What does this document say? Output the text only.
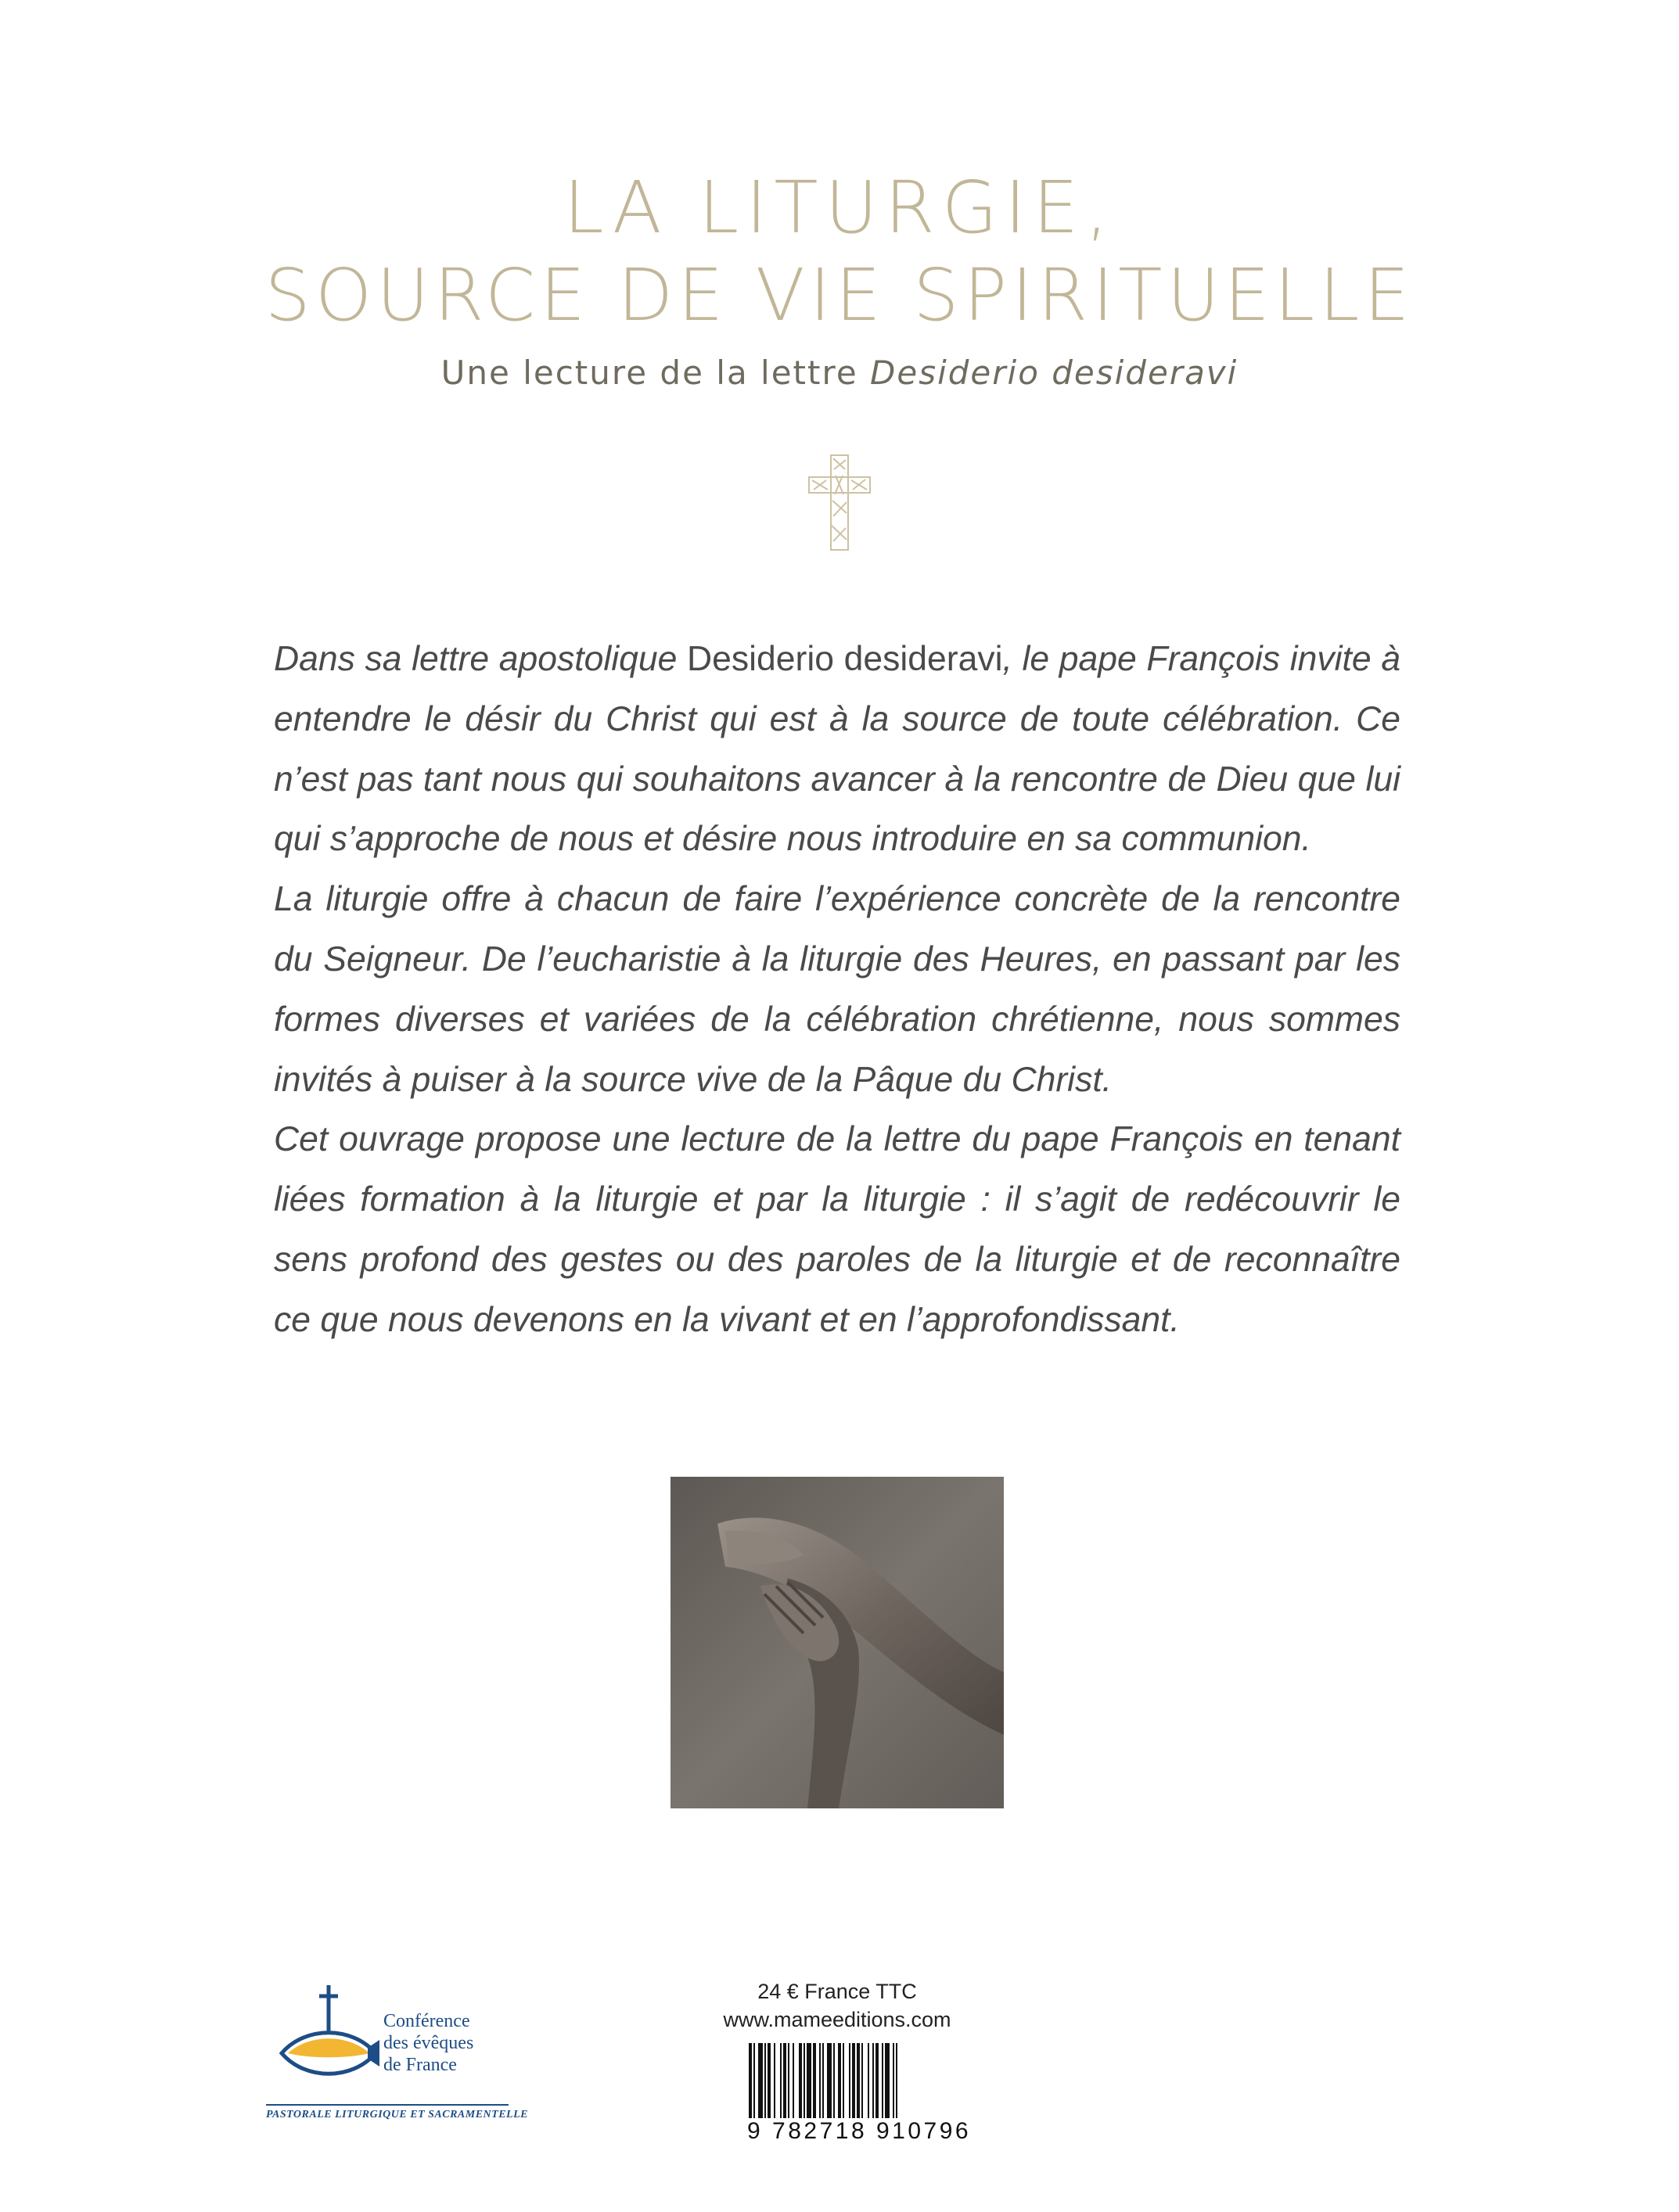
LA LITURGIE,
SOURCE DE VIE SPIRITUELLE
Une lecture de la lettre Desiderio desideravi

Dans sa lettre apostolique Desiderio desideravi, le pape François invite à entendre le désir du Christ qui est à la source de toute célébration. Ce n’est pas tant nous qui souhaitons avancer à la rencontre de Dieu que lui qui s’approche de nous et désire nous introduire en sa communion.

La liturgie offre à chacun de faire l’expérience concrète de la rencontre du Seigneur. De l’eucharistie à la liturgie des Heures, en passant par les formes diverses et variées de la célébration chrétienne, nous sommes invités à puiser à la source vive de la Pâque du Christ.

Cet ouvrage propose une lecture de la lettre du pape François en tenant liées formation à la liturgie et par la liturgie : il s’agit de redécouvrir le sens profond des gestes ou des paroles de la liturgie et de reconnaître ce que nous devenons en la vivant et en l’approfondissant.

Conférence
des évêques
de France
PASTORALE LITURGIQUE ET SACRAMENTELLE
24 € France TTC
www.mameeditions.com
9 782718 910796
